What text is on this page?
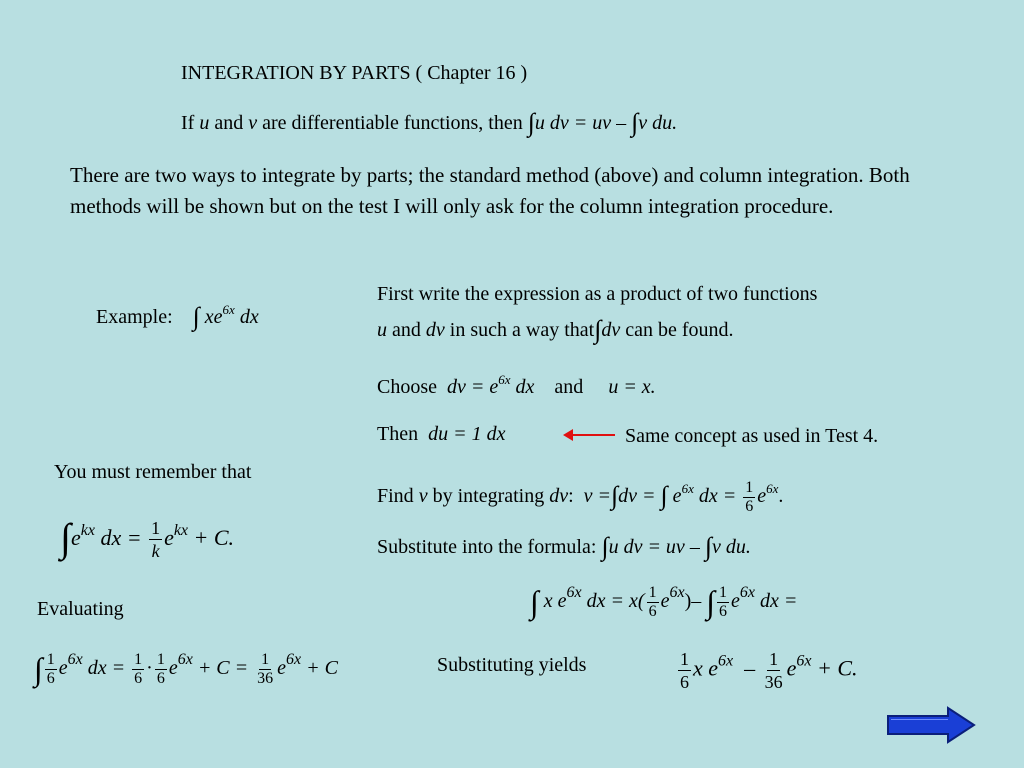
INTEGRATION BY PARTS ( Chapter 16 )
If u and v are differentiable functions, then ∫u dv = uv – ∫v du.
There are two ways to integrate by parts; the standard method (above) and column integration. Both methods will be shown but on the test I will only ask for the column integration procedure.
Example: ∫ $xe^{6x}$ dx
First write the expression as a product of two functions
u and dv in such a way that∫dv can be found.
Choose dv = $e^{6x}$ dx and u = x.
Then du = 1 dx	Same concept as used in Test 4.
You must remember that
$\int e^{kx}$ dx = $\frac{1}{k} e^{kx} + C$.
Find v by integrating dv: v =∫dv = ∫ $e^{6x}$ dx = $\frac{1}{6} e^{6x}$.
Substitute into the formula: ∫u dv = uv – ∫v du.
∫ x $e^{6x}$ dx = $x( \frac{1}{6} e^{6x})-$ ∫ $\frac{1}{6} e^{6x}$ dx =
Evaluating
∫ $\frac{1}{6} e^{6x}$ dx = $\frac{1}{6} \cdot \frac{1}{6} e^{6x} + C = \frac{1}{36} e^{6x} + C$	Substituting yields	$\frac{1}{6}$ x $e^{6x} - \frac{1}{36} e^{6x} + C$.
